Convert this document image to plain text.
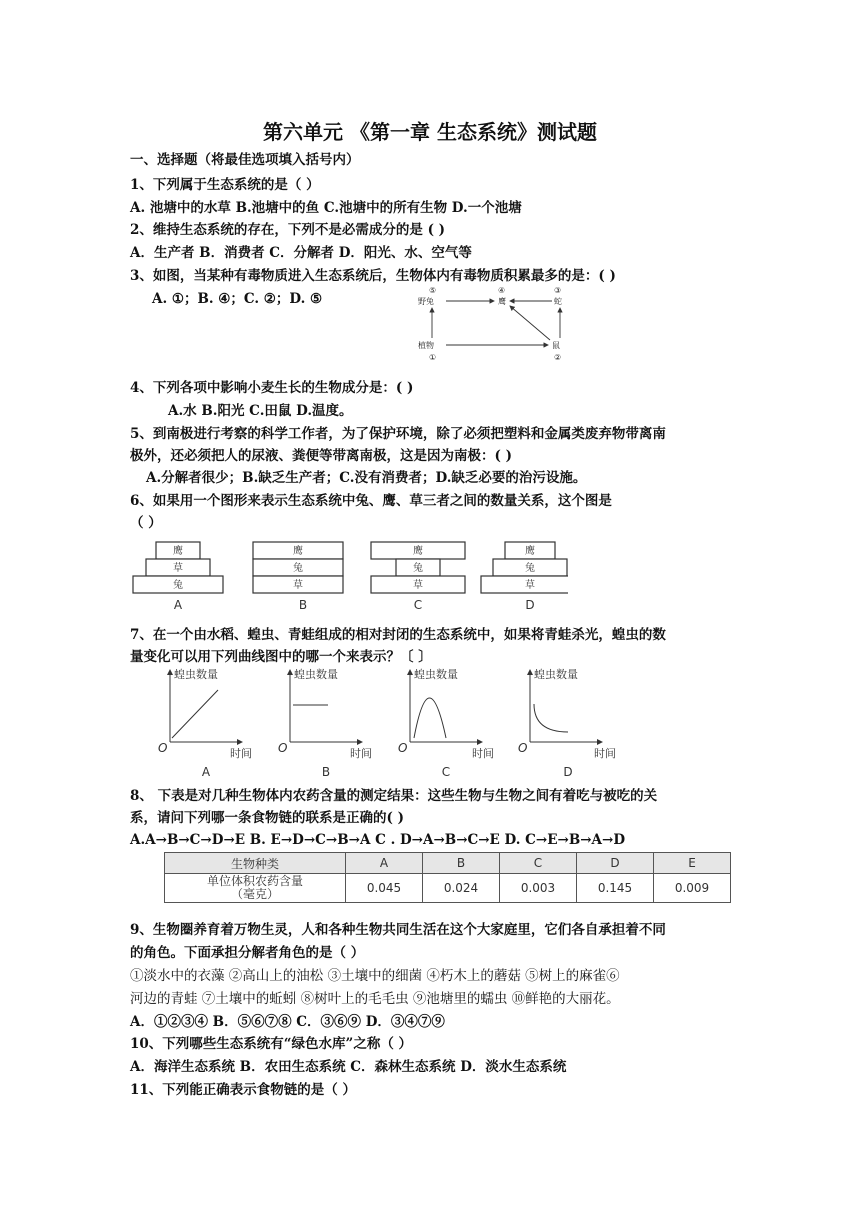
第六单元 《第一章 生态系统》测试题
一、选择题（将最佳选项填入括号内）
1、下列属于生态系统的是（ ）
A. 池塘中的水草 B.池塘中的鱼 C.池塘中的所有生物 D.一个池塘
2、维持生态系统的存在，下列不是必需成分的是 ( )
A．生产者 B．消费者 C．分解者 D．阳光、水、空气等
3、如图，当某种有毒物质进入生态系统后，生物体内有毒物质积累最多的是：( )
A. ①；B. ④；C. ②；D. ⑤
⑤
野兔
④
鹰
③
蛇
植物
①
鼠
②
4、下列各项中影响小麦生长的生物成分是：( )
A.水 B.阳光 C.田鼠 D.温度。
5、到南极进行考察的科学工作者，为了保护环境，除了必须把塑料和金属类废弃物带离南
极外，还必须把人的尿液、粪便等带离南极，这是因为南极：( )
A.分解者很少；B.缺乏生产者；C.没有消费者；D.缺乏必要的治污设施。
6、如果用一个图形来表示生态系统中兔、鹰、草三者之间的数量关系，这个图是
（ ）
鹰
草
兔
鹰
兔
草
鹰
兔
草
鹰
兔
草
A	B	C	D
7、在一个由水稻、蝗虫、青蛙组成的相对封闭的生态系统中，如果将青蛙杀光，蝗虫的数
量变化可以用下列曲线图中的哪一个来表示？〔 〕
蝗虫数量	蝗虫数量	蝗虫数量	蝗虫数量
时间	时间	时间	时间
O	O	O	O
A	B	C	D
8、 下表是对几种生物体内农药含量的测定结果：这些生物与生物之间有着吃与被吃的关
系，请问下列哪一条食物链的联系是正确的( )
A.A→B→C→D→E B. E→D→C→B→A C . D→A→B→C→E D. C→E→B→A→D
生物种类	A	B	C	D	E
单位体积农药含量
（毫克）	0.045	0.024	0.003	0.145	0.009
9、生物圈养育着万物生灵，人和各种生物共同生活在这个大家庭里，它们各自承担着不同
的角色。下面承担分解者角色的是（ ）
①淡水中的衣藻 ②高山上的油松 ③土壤中的细菌 ④朽木上的蘑菇 ⑤树上的麻雀⑥
河边的青蛙 ⑦土壤中的蚯蚓 ⑧树叶上的毛毛虫 ⑨池塘里的蠕虫 ⑩鲜艳的大丽花。
A．①②③④ B．⑤⑥⑦⑧ C．③⑥⑨ D．③④⑦⑨
10、下列哪些生态系统有“绿色水库”之称（ ）
A．海洋生态系统 B．农田生态系统 C．森林生态系统 D．淡水生态系统
11、下列能正确表示食物链的是（ ）
